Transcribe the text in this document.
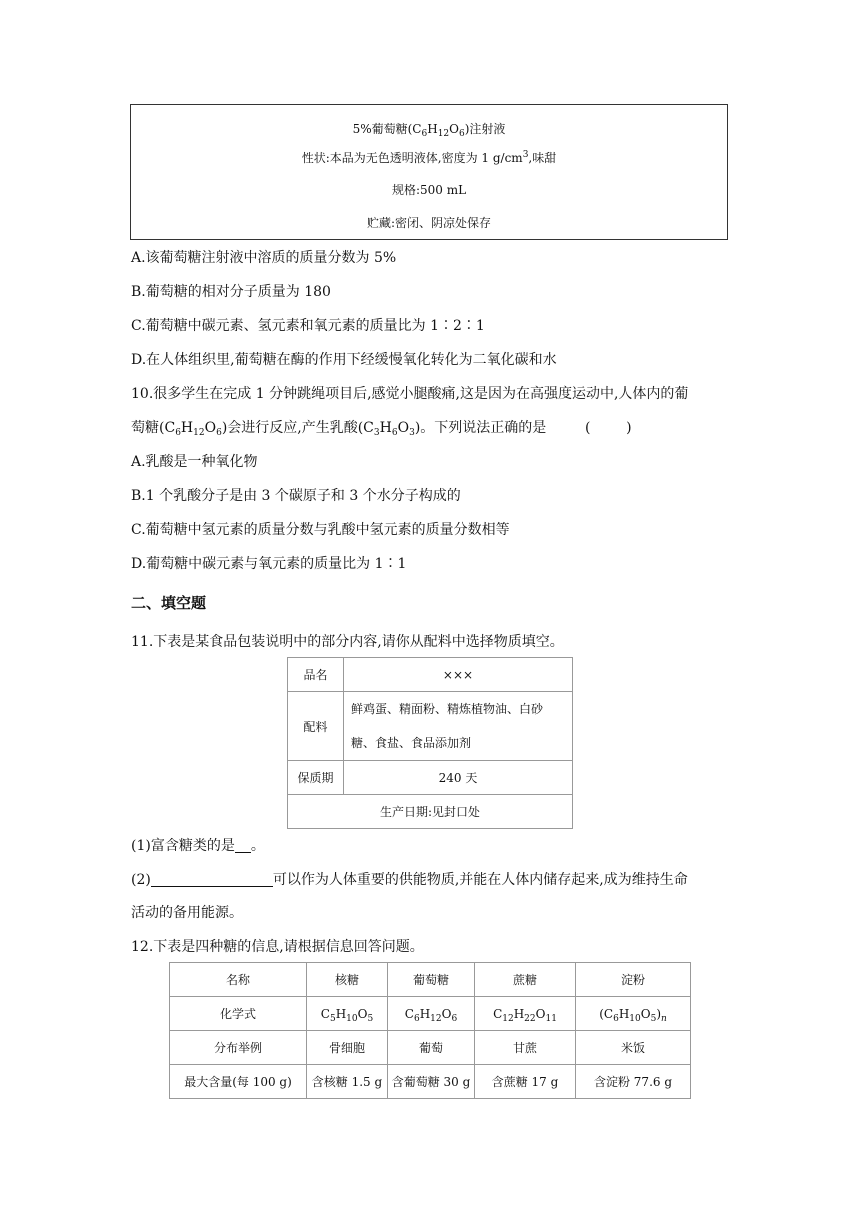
5%葡萄糖$(C_6H_{12}O_6)$注射液
性状:本品为无色透明液体,密度为 1 $g/cm^3$,味甜
规格:500 mL
贮藏:密闭、阴凉处保存
A.该葡萄糖注射液中溶质的质量分数为 5%
B.葡萄糖的相对分子质量为 180
C.葡萄糖中碳元素、氢元素和氧元素的质量比为 1∶2∶1
D.在人体组织里,葡萄糖在酶的作用下经缓慢氧化转化为二氧化碳和水
10.很多学生在完成 1 分钟跳绳项目后,感觉小腿酸痛,这是因为在高强度运动中,人体内的葡
萄糖$(C_6H_{12}O_6)$会进行反应,产生乳酸$(C_3H_6O_3)$。下列说法正确的是	(        )
A.乳酸是一种氧化物
B.1 个乳酸分子是由 3 个碳原子和 3 个水分子构成的
C.葡萄糖中氢元素的质量分数与乳酸中氢元素的质量分数相等
D.葡萄糖中碳元素与氧元素的质量比为 1∶1
二、填空题
11.下表是某食品包装说明中的部分内容,请你从配料中选择物质填空。
品名	×××
配料	鲜鸡蛋、精面粉、精炼植物油、白砂
糖、食盐、食品添加剂
保质期	240 天
生产日期:见封口处	
(1)富含糖类的是 。
(2)	可以作为人体重要的供能物质,并能在人体内储存起来,成为维持生命
活动的备用能源。
12.下表是四种糖的信息,请根据信息回答问题。
名称	核糖	葡萄糖	蔗糖	淀粉
化学式	$C_5H_{10}O_5$	$C_6H_{12}O_6$	$C_{12}H_{22}O_{11}$	$(C_6H_{10}O_5)_n$
分布举例	骨细胞	葡萄	甘蔗	米饭
最大含量(每 100 g)	含核糖 1.5 g	含葡萄糖 30 g	含蔗糖 17 g	含淀粉 77.6 g
